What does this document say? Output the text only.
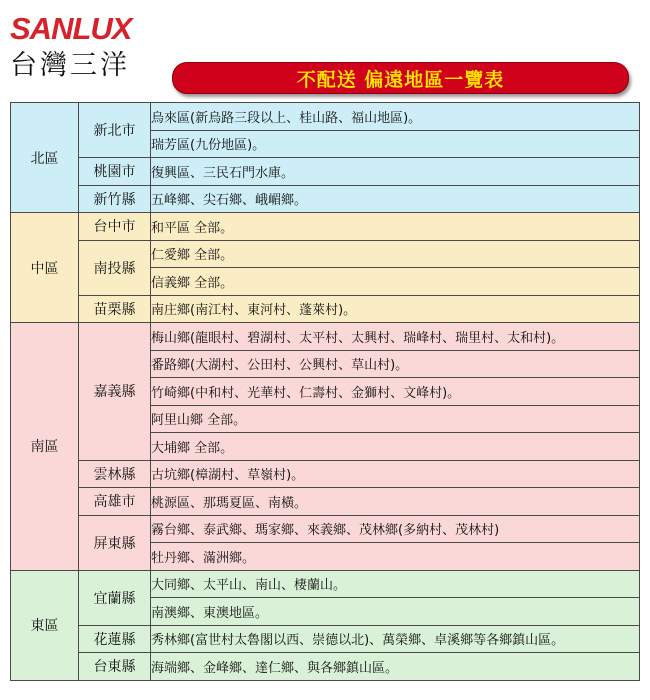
SANLUX
台灣三洋	不配送 偏遠地區一覽表
北區	新北市	烏來區(新烏路三段以上、桂山路、福山地區)。
		瑞芳區(九份地區)。
	桃園市	復興區、三民石門水庫。
	新竹縣	五峰鄉、尖石鄉、峨嵋鄉。
中區	台中市	和平區 全部。
	南投縣	仁愛鄉 全部。
		信義鄉 全部。
	苗栗縣	南庄鄉(南江村、東河村、蓬萊村)。
南區	嘉義縣	梅山鄉(龍眼村、碧湖村、太平村、太興村、瑞峰村、瑞里村、太和村)。
		番路鄉(大湖村、公田村、公興村、草山村)。
		竹崎鄉(中和村、光華村、仁壽村、金獅村、文峰村)。
		阿里山鄉 全部。
		大埔鄉 全部。
	雲林縣	古坑鄉(樟湖村、草嶺村)。
	高雄市	桃源區、那瑪夏區、南橫。
	屏東縣	霧台鄉、泰武鄉、瑪家鄉、來義鄉、茂林鄉(多納村、茂林村)
		牡丹鄉、滿洲鄉。
東區	宜蘭縣	大同鄉、太平山、南山、棲蘭山。
		南澳鄉、東澳地區。
	花蓮縣	秀林鄉(富世村太魯閣以西、崇德以北)、萬榮鄉、卓溪鄉等各鄉鎮山區。
	台東縣	海端鄉、金峰鄉、達仁鄉、與各鄉鎮山區。
